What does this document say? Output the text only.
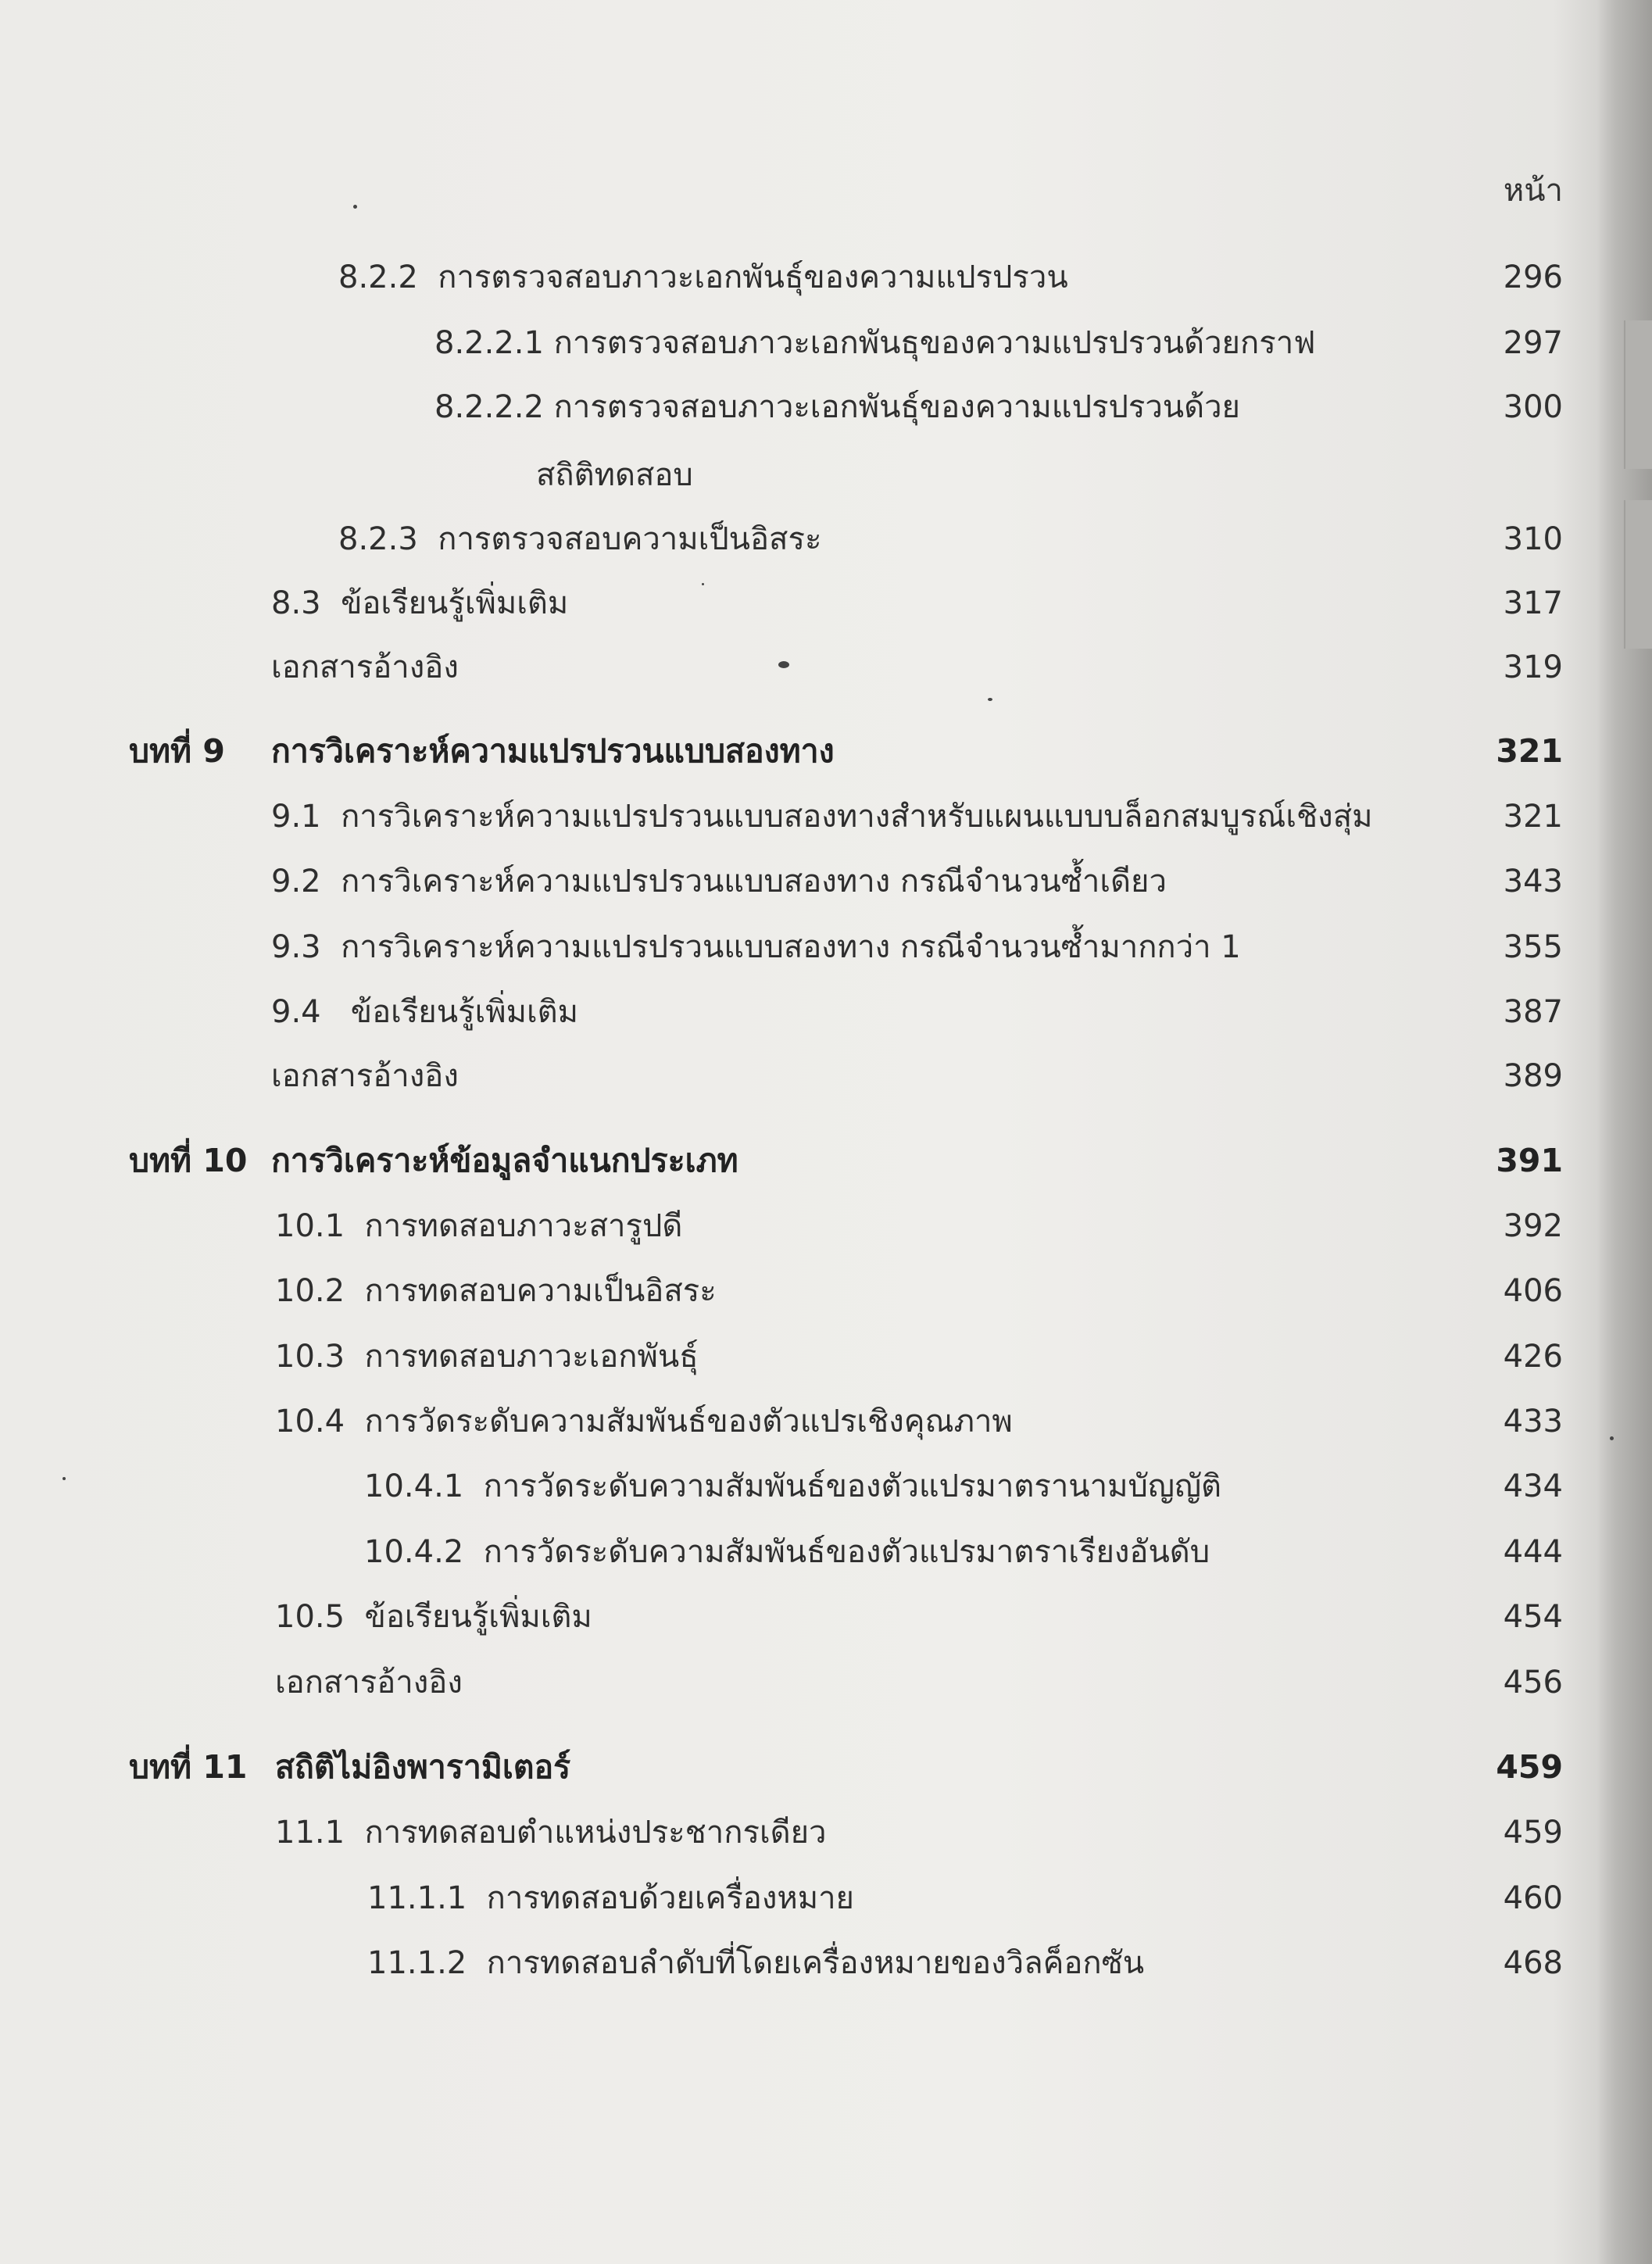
หน้า
8.2.2 การตรวจสอบภาวะเอกพันธุ์ของความแปรปรวน	296
8.2.2.1 การตรวจสอบภาวะเอกพันธุของความแปรปรวนด้วยกราฟ	297
8.2.2.2 การตรวจสอบภาวะเอกพันธุ์ของความแปรปรวนด้วย	300
สถิติทดสอบ
8.2.3 การตรวจสอบความเป็นอิสระ	310
8.3 ข้อเรียนรู้เพิ่มเติม	317
เอกสารอ้างอิง	319
บทที่ 9 การวิเคราะห์ความแปรปรวนแบบสองทาง	321
9.1 การวิเคราะห์ความแปรปรวนแบบสองทางสำหรับแผนแบบบล็อกสมบูรณ์เชิงสุ่ม	321
9.2 การวิเคราะห์ความแปรปรวนแบบสองทาง กรณีจำนวนซ้ำเดียว	343
9.3 การวิเคราะห์ความแปรปรวนแบบสองทาง กรณีจำนวนซ้ำมากกว่า 1	355
9.4 ข้อเรียนรู้เพิ่มเติม	387
เอกสารอ้างอิง	389
บทที่ 10 การวิเคราะห์ข้อมูลจำแนกประเภท	391
10.1 การทดสอบภาวะสารูปดี	392
10.2 การทดสอบความเป็นอิสระ	406
10.3 การทดสอบภาวะเอกพันธุ์	426
10.4 การวัดระดับความสัมพันธ์ของตัวแปรเชิงคุณภาพ	433
10.4.1 การวัดระดับความสัมพันธ์ของตัวแปรมาตรานามบัญญัติ	434
10.4.2 การวัดระดับความสัมพันธ์ของตัวแปรมาตราเรียงอันดับ	444
10.5 ข้อเรียนรู้เพิ่มเติม	454
เอกสารอ้างอิง	456
บทที่ 11 สถิติไม่อิงพารามิเตอร์	459
11.1 การทดสอบตำแหน่งประชากรเดียว	459
11.1.1 การทดสอบด้วยเครื่องหมาย	460
11.1.2 การทดสอบลำดับที่โดยเครื่องหมายของวิลค็อกซัน	468
